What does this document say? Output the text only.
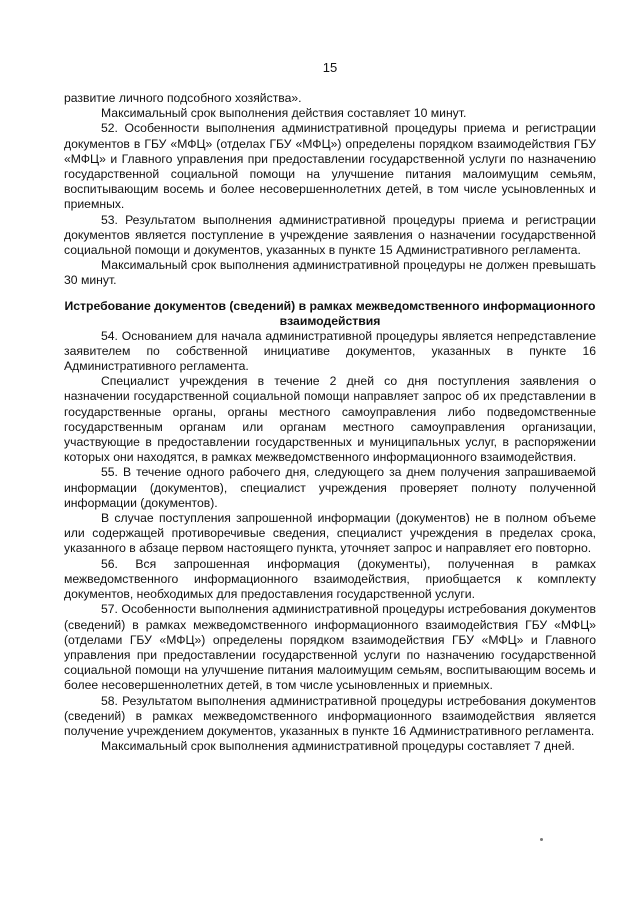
15

развитие личного подсобного хозяйства».

Максимальный срок выполнения действия составляет 10 минут.

52. Особенности выполнения административной процедуры приема и регистрации документов в ГБУ «МФЦ» (отделах ГБУ «МФЦ») определены порядком взаимодействия ГБУ «МФЦ» и Главного управления при предоставлении государственной услуги по назначению государственной социальной помощи на улучшение питания малоимущим семьям, воспитывающим восемь и более несовершеннолетних детей, в том числе усыновленных и приемных.

53. Результатом выполнения административной процедуры приема и регистрации документов является поступление в учреждение заявления о назначении государственной социальной помощи и документов, указанных в пункте 15 Административного регламента.

Максимальный срок выполнения административной процедуры не должен превышать 30 минут.

Истребование документов (сведений) в рамках межведомственного информационного взаимодействия

54. Основанием для начала административной процедуры является непредставление заявителем по собственной инициативе документов, указанных в пункте 16 Административного регламента.

Специалист учреждения в течение 2 дней со дня поступления заявления о назначении государственной социальной помощи направляет запрос об их представлении в государственные органы, органы местного самоуправления либо подведомственные государственным органам или органам местного самоуправления организации, участвующие в предоставлении государственных и муниципальных услуг, в распоряжении которых они находятся, в рамках межведомственного информационного взаимодействия.

55. В течение одного рабочего дня, следующего за днем получения запрашиваемой информации (документов), специалист учреждения проверяет полноту полученной информации (документов).

В случае поступления запрошенной информации (документов) не в полном объеме или содержащей противоречивые сведения, специалист учреждения в пределах срока, указанного в абзаце первом настоящего пункта, уточняет запрос и направляет его повторно.

56. Вся запрошенная информация (документы), полученная в рамках межведомственного информационного взаимодействия, приобщается к комплекту документов, необходимых для предоставления государственной услуги.

57. Особенности выполнения административной процедуры истребования документов (сведений) в рамках межведомственного информационного взаимодействия ГБУ «МФЦ» (отделами ГБУ «МФЦ») определены порядком взаимодействия ГБУ «МФЦ» и Главного управления при предоставлении государственной услуги по назначению государственной социальной помощи на улучшение питания малоимущим семьям, воспитывающим восемь и более несовершеннолетних детей, в том числе усыновленных и приемных.

58. Результатом выполнения административной процедуры истребования документов (сведений) в рамках межведомственного информационного взаимодействия является получение учреждением документов, указанных в пункте 16 Административного регламента.

Максимальный срок выполнения административной процедуры составляет 7 дней.
